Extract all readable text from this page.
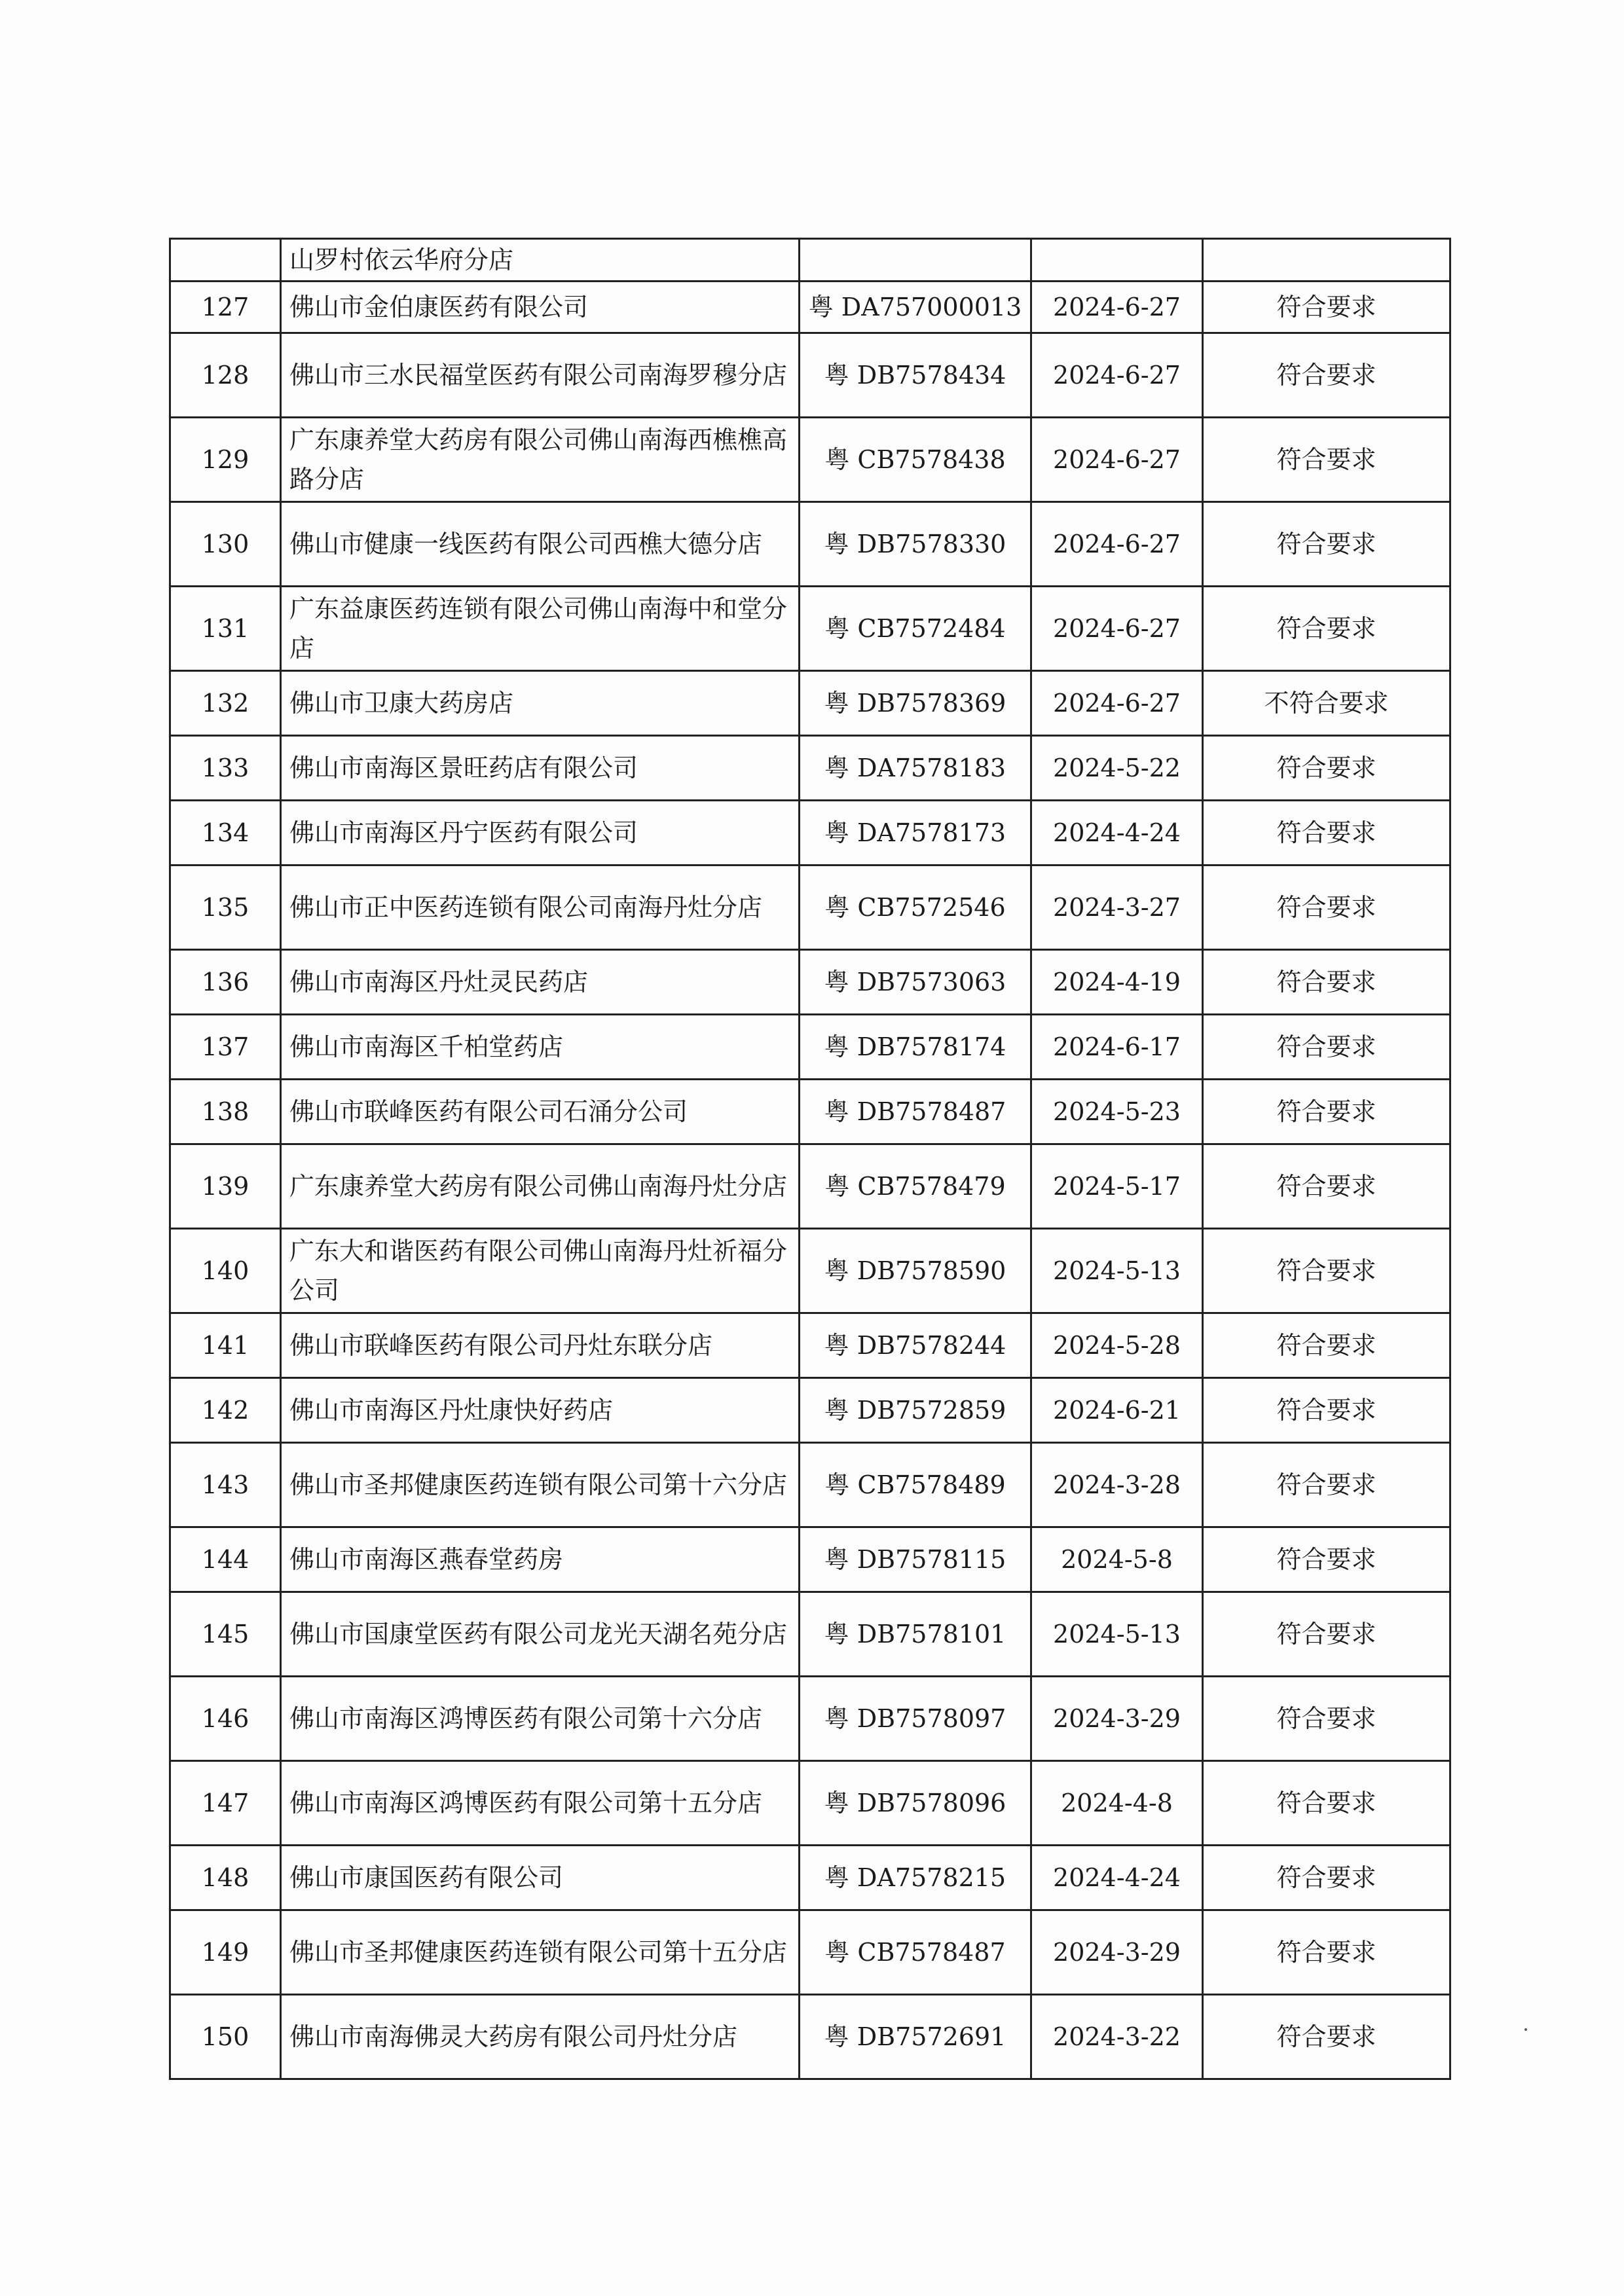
	山罗村依云华府分店			
127	佛山市金伯康医药有限公司	粤 DA757000013	2024-6-27	符合要求
128	佛山市三水民福堂医药有限公司南海罗穆分店	粤 DB7578434	2024-6-27	符合要求
129	广东康养堂大药房有限公司佛山南海西樵樵高路分店	粤 CB7578438	2024-6-27	符合要求
130	佛山市健康一线医药有限公司西樵大德分店	粤 DB7578330	2024-6-27	符合要求
131	广东益康医药连锁有限公司佛山南海中和堂分店	粤 CB7572484	2024-6-27	符合要求
132	佛山市卫康大药房店	粤 DB7578369	2024-6-27	不符合要求
133	佛山市南海区景旺药店有限公司	粤 DA7578183	2024-5-22	符合要求
134	佛山市南海区丹宁医药有限公司	粤 DA7578173	2024-4-24	符合要求
135	佛山市正中医药连锁有限公司南海丹灶分店	粤 CB7572546	2024-3-27	符合要求
136	佛山市南海区丹灶灵民药店	粤 DB7573063	2024-4-19	符合要求
137	佛山市南海区千柏堂药店	粤 DB7578174	2024-6-17	符合要求
138	佛山市联峰医药有限公司石涌分公司	粤 DB7578487	2024-5-23	符合要求
139	广东康养堂大药房有限公司佛山南海丹灶分店	粤 CB7578479	2024-5-17	符合要求
140	广东大和谐医药有限公司佛山南海丹灶祈福分公司	粤 DB7578590	2024-5-13	符合要求
141	佛山市联峰医药有限公司丹灶东联分店	粤 DB7578244	2024-5-28	符合要求
142	佛山市南海区丹灶康快好药店	粤 DB7572859	2024-6-21	符合要求
143	佛山市圣邦健康医药连锁有限公司第十六分店	粤 CB7578489	2024-3-28	符合要求
144	佛山市南海区燕春堂药房	粤 DB7578115	2024-5-8	符合要求
145	佛山市国康堂医药有限公司龙光天湖名苑分店	粤 DB7578101	2024-5-13	符合要求
146	佛山市南海区鸿博医药有限公司第十六分店	粤 DB7578097	2024-3-29	符合要求
147	佛山市南海区鸿博医药有限公司第十五分店	粤 DB7578096	2024-4-8	符合要求
148	佛山市康国医药有限公司	粤 DA7578215	2024-4-24	符合要求
149	佛山市圣邦健康医药连锁有限公司第十五分店	粤 CB7578487	2024-3-29	符合要求
150	佛山市南海佛灵大药房有限公司丹灶分店	粤 DB7572691	2024-3-22	符合要求
